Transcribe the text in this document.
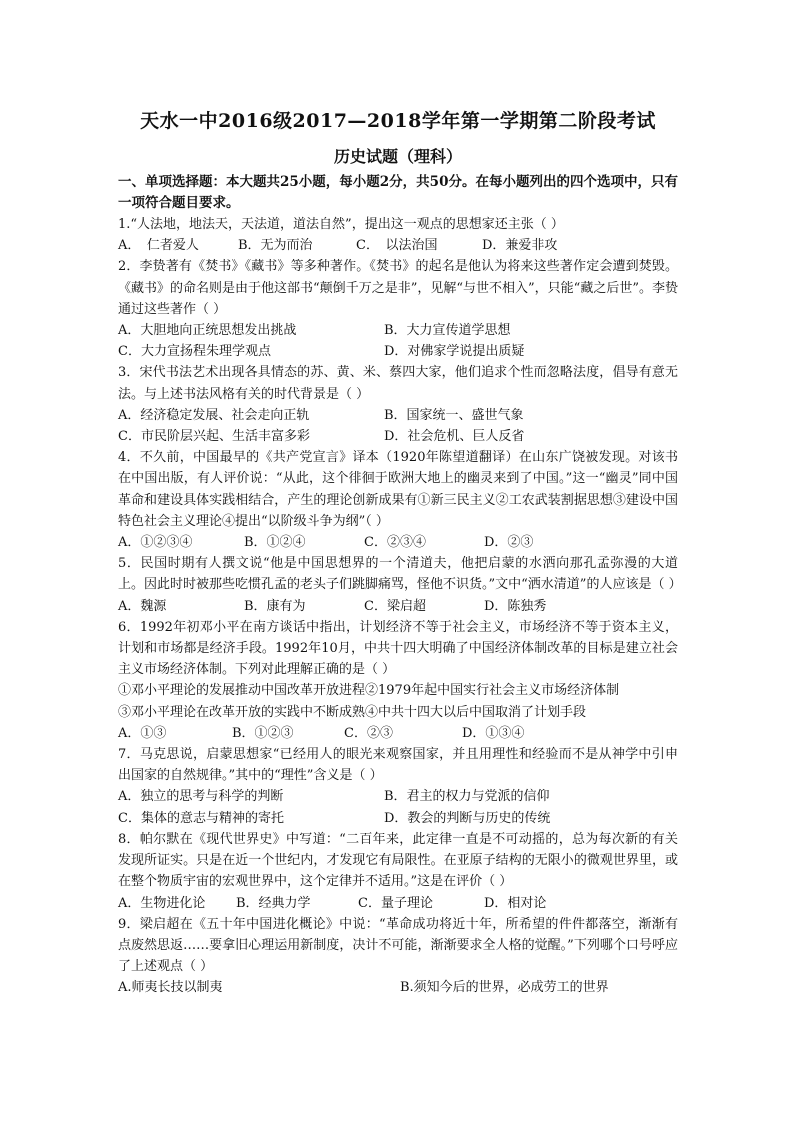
天水一中2016级2017—2018学年第一学期第二阶段考试
历史试题（理科）
一、单项选择题：本大题共25小题，每小题2分，共50分。在每小题列出的四个选项中，只有一项符合题目要求。
1.“人法地，地法天，天法道，道法自然”，提出这一观点的思想家还主张（ ）
A．　仁者爱人	B．无为而治	C．　以法治国	D．兼爱非攻
2．李贽著有《焚书》《藏书》等多种著作。《焚书》的起名是他认为将来这些著作定会遭到焚毁。《藏书》的命名则是由于他这部书“颠倒千万之是非”，见解“与世不相入”，只能“藏之后世”。李贽通过这些著作（ ）
A．大胆地向正统思想发出挑战	B．大力宣传道学思想
C．大力宣扬程朱理学观点	D．对佛家学说提出质疑
3．宋代书法艺术出现各具情态的苏、黄、米、蔡四大家，他们追求个性而忽略法度，倡导有意无法。与上述书法风格有关的时代背景是（ ）
A．经济稳定发展、社会走向正轨	B．国家统一、盛世气象
C．市民阶层兴起、生活丰富多彩	D．社会危机、巨人反省
4．不久前，中国最早的《共产党宣言》译本（1920年陈望道翻译）在山东广饶被发现。对该书在中国出版，有人评价说：“从此，这个徘徊于欧洲大地上的幽灵来到了中国。”这一“幽灵”同中国革命和建设具体实践相结合，产生的理论创新成果有①新三民主义②工农武装割据思想③建设中国特色社会主义理论④提出“以阶级斗争为纲”（ ）
A．①②③④	B．①②④	C．②③④	D．②③
5．民国时期有人撰文说“他是中国思想界的一个清道夫，他把启蒙的水洒向那孔孟弥漫的大道上。因此时时被那些吃惯孔孟的老头子们跳脚痛骂，怪他不识货。”文中“洒水清道”的人应该是（ ）
A．魏源	B．康有为	C．梁启超	D．陈独秀
6．1992年初邓小平在南方谈话中指出，计划经济不等于社会主义，市场经济不等于资本主义，计划和市场都是经济手段。1992年10月，中共十四大明确了中国经济体制改革的目标是建立社会主义市场经济体制。下列对此理解正确的是（ ）
①邓小平理论的发展推动中国改革开放进程②1979年起中国实行社会主义市场经济体制
③邓小平理论在改革开放的实践中不断成熟④中共十四大以后中国取消了计划手段
A．①③	B．①②③	C．②③	D．①③④
7．马克思说，启蒙思想家“已经用人的眼光来观察国家，并且用理性和经验而不是从神学中引申出国家的自然规律。”其中的“理性”含义是（ ）
A．独立的思考与科学的判断	B．君主的权力与党派的信仰
C．集体的意志与精神的寄托	D．教会的判断与历史的传统
8．帕尔默在《现代世界史》中写道：“二百年来，此定律一直是不可动摇的，总为每次新的有关发现所证实。只是在近一个世纪内，才发现它有局限性。在亚原子结构的无限小的微观世界里，或在整个物质宇宙的宏观世界中，这个定律并不适用。”这是在评价（ ）
A．生物进化论	B．经典力学	C．量子理论	D．相对论
9．梁启超在《五十年中国进化概论》中说：“革命成功将近十年，所希望的件件都落空，渐渐有点废然思返……要拿旧心理运用新制度，决计不可能，渐渐要求全人格的觉醒。”下列哪个口号呼应了上述观点（ ）
A.师夷长技以制夷	B.须知今后的世界，必成劳工的世界
